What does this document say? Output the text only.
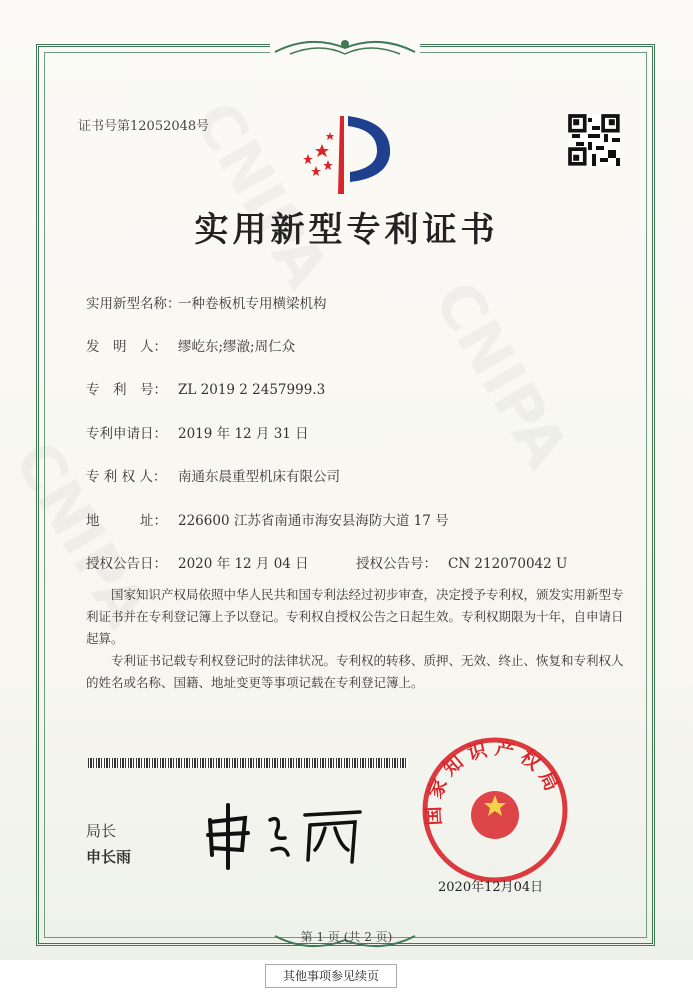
证书号第12052048号
实用新型专利证书
实用新型名称：一种卷板机专用横梁机构
发　明　人： 缪屹东;缪澈;周仁众
专　利　号： ZL 2019 2 2457999.3
专利申请日： 2019 年 12 月 31 日
专 利 权 人： 南通东晨重型机床有限公司
地　　　址： 226600 江苏省南通市海安县海防大道 17 号
授权公告日： 2020 年 12 月 04 日	授权公告号： CN 212070042 U
国家知识产权局依照中华人民共和国专利法经过初步审查，决定授予专利权，颁发实用新型专利证书并在专利登记簿上予以登记。专利权自授权公告之日起生效。专利权期限为十年，自申请日起算。
专利证书记载专利权登记时的法律状况。专利权的转移、质押、无效、终止、恢复和专利权人的姓名或名称、国籍、地址变更等事项记载在专利登记簿上。
局长
申长雨
国家知识产权局
2020年12月04日
第 1 页 (共 2 页)
其他事项参见续页
